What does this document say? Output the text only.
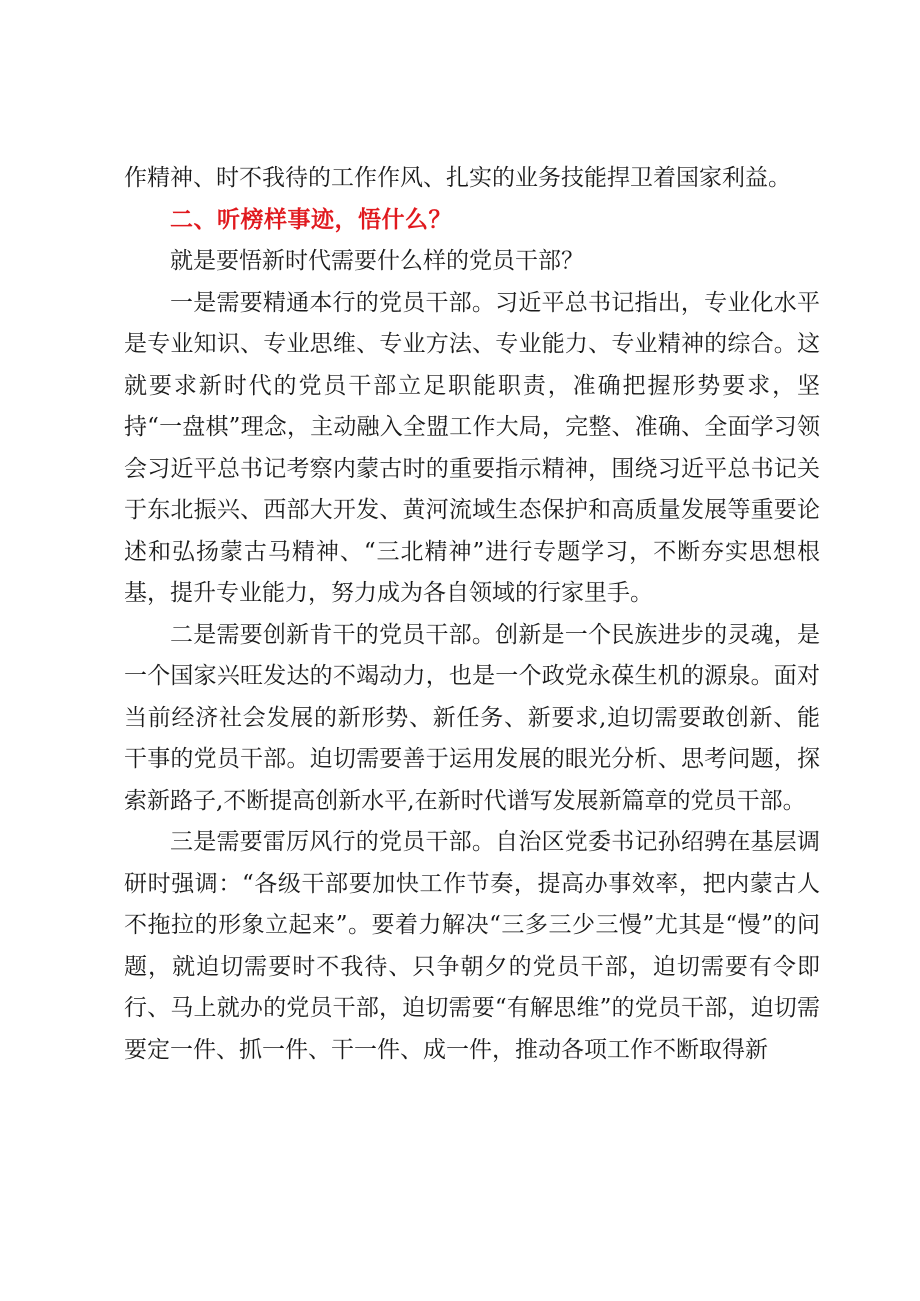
作精神、时不我待的工作作风、扎实的业务技能捍卫着国家利益。

二、听榜样事迹，悟什么？

就是要悟新时代需要什么样的党员干部？

一是需要精通本行的党员干部。习近平总书记指出，专业化水平是专业知识、专业思维、专业方法、专业能力、专业精神的综合。这就要求新时代的党员干部立足职能职责，准确把握形势要求，坚持“一盘棋”理念，主动融入全盟工作大局，完整、准确、全面学习领会习近平总书记考察内蒙古时的重要指示精神，围绕习近平总书记关于东北振兴、西部大开发、黄河流域生态保护和高质量发展等重要论述和弘扬蒙古马精神、“三北精神”进行专题学习，不断夯实思想根基，提升专业能力，努力成为各自领域的行家里手。

二是需要创新肯干的党员干部。创新是一个民族进步的灵魂，是一个国家兴旺发达的不竭动力，也是一个政党永葆生机的源泉。面对当前经济社会发展的新形势、新任务、新要求,迫切需要敢创新、能干事的党员干部。迫切需要善于运用发展的眼光分析、思考问题，探索新路子,不断提高创新水平,在新时代谱写发展新篇章的党员干部。

三是需要雷厉风行的党员干部。自治区党委书记孙绍骋在基层调研时强调：“各级干部要加快工作节奏，提高办事效率，把内蒙古人不拖拉的形象立起来”。要着力解决“三多三少三慢”尤其是“慢”的问题，就迫切需要时不我待、只争朝夕的党员干部，迫切需要有令即行、马上就办的党员干部，迫切需要“有解思维”的党员干部，迫切需要定一件、抓一件、干一件、成一件，推动各项工作不断取得新
